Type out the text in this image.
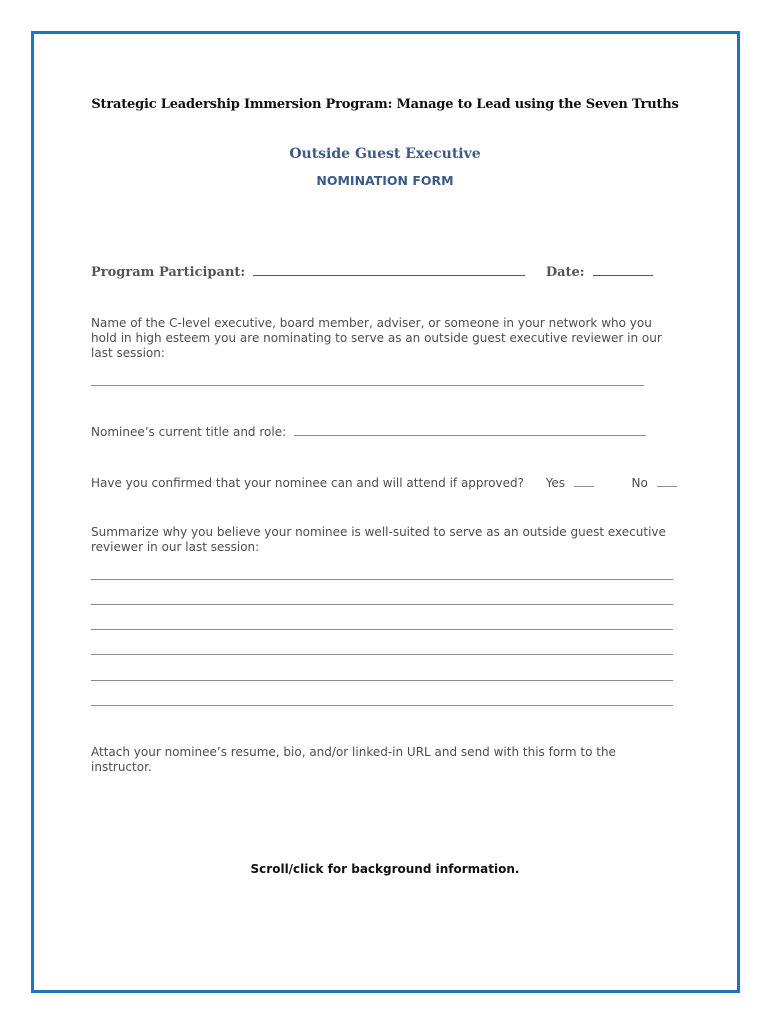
Strategic Leadership Immersion Program: Manage to Lead using the Seven Truths
Outside Guest Executive
NOMINATION FORM
Program Participant:	Date:
Name of the C-level executive, board member, adviser, or someone in your network who you hold in high esteem you are nominating to serve as an outside guest executive reviewer in our last session:
Nominee’s current title and role:
Have you confirmed that your nominee can and will attend if approved? Yes	No
Summarize why you believe your nominee is well-suited to serve as an outside guest executive reviewer in our last session:
Attach your nominee’s resume, bio, and/or linked-in URL and send with this form to the instructor.
Scroll/click for background information.
